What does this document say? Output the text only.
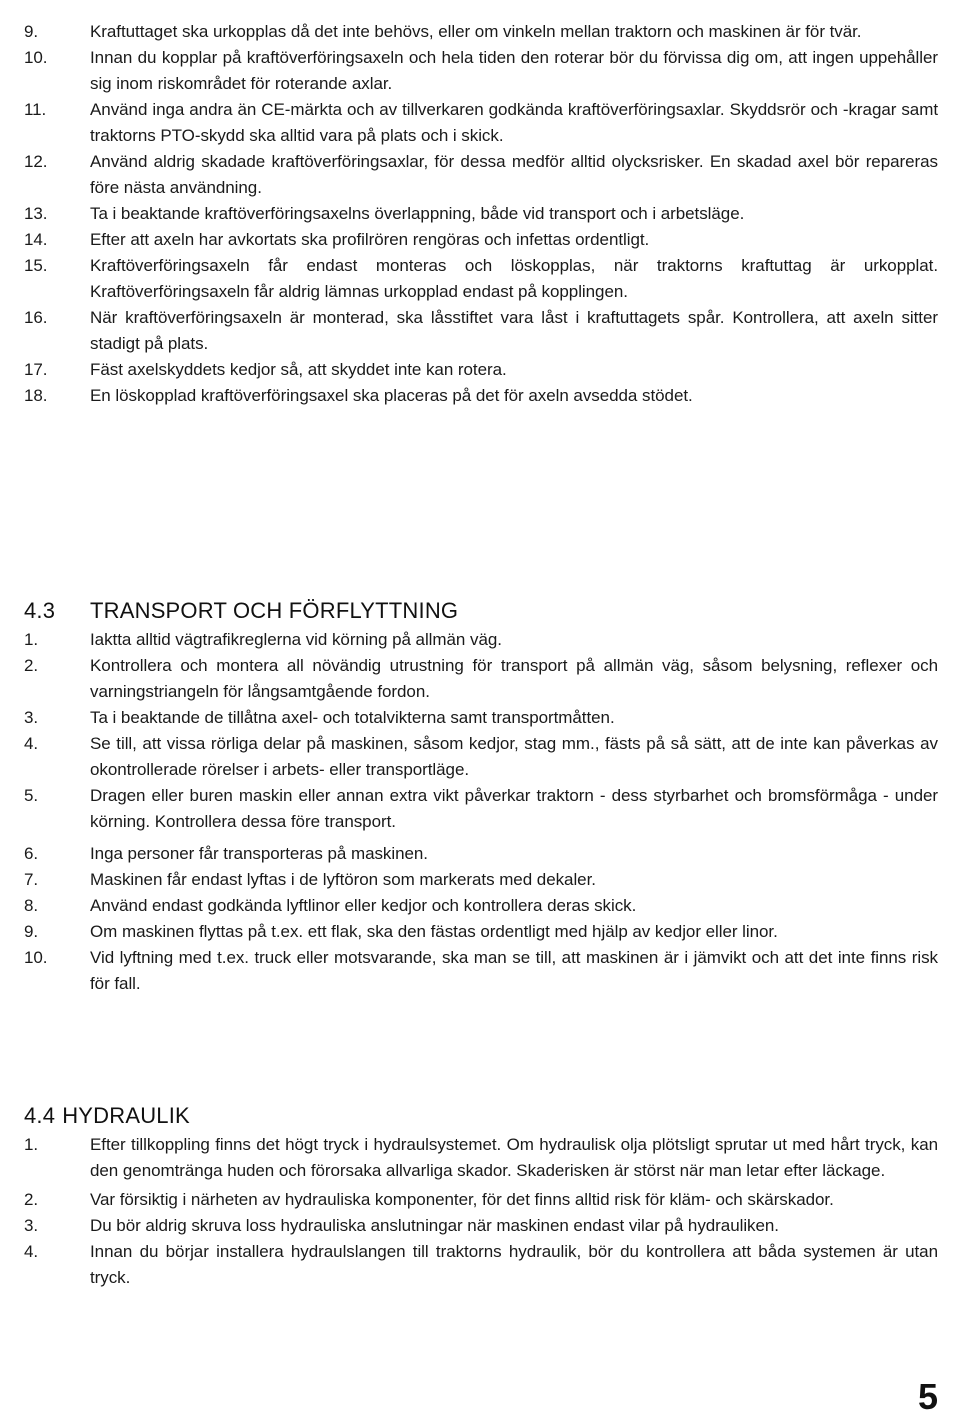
9.	Kraftuttaget ska urkopplas då det inte behövs, eller om vinkeln mellan traktorn och maskinen är för tvär.
10.	Innan du kopplar på kraftöverföringsaxeln och hela tiden den roterar bör du förvissa dig om, att ingen uppehåller sig inom riskområdet för roterande axlar.
11.	Använd inga andra än CE-märkta och av tillverkaren godkända kraftöverföringsaxlar. Skyddsrör och -kragar samt traktorns PTO-skydd ska alltid vara på plats och i skick.
12.	Använd aldrig skadade kraftöverföringsaxlar, för dessa medför alltid olycksrisker. En skadad axel bör repareras före nästa användning.
13.	Ta i beaktande kraftöverföringsaxelns överlappning, både vid transport och i arbetsläge.
14.	Efter att axeln har avkortats ska profilrören rengöras och infettas ordentligt.
15.	Kraftöverföringsaxeln får endast monteras och löskopplas, när traktorns kraftuttag är urkopplat. Kraftöverföringsaxeln får aldrig lämnas urkopplad endast på kopplingen.
16.	När kraftöverföringsaxeln är monterad, ska låsstiftet vara låst i kraftuttagets spår. Kontrollera, att axeln sitter stadigt på plats.
17.	Fäst axelskyddets kedjor så, att skyddet inte kan rotera.
18.	En löskopplad kraftöverföringsaxel ska placeras på det för axeln avsedda stödet.
4.3 TRANSPORT OCH FÖRFLYTTNING
1.	Iaktta alltid vägtrafikreglerna vid körning på allmän väg.
2.	Kontrollera och montera all növändig utrustning för transport på allmän väg, såsom belysning, reflexer och varningstriangeln för långsamtgående fordon.
3.	Ta i beaktande de tillåtna axel- och totalvikterna samt transportmåtten.
4.	Se till, att vissa rörliga delar på maskinen, såsom kedjor, stag mm., fästs på så sätt, att de inte kan påverkas av okontrollerade rörelser i arbets- eller transportläge.
5.	Dragen eller buren maskin eller annan extra vikt påverkar traktorn - dess styrbarhet och bromsförmåga - under körning. Kontrollera dessa före transport.
6.	Inga personer får transporteras på maskinen.
7.	Maskinen får endast lyftas i de lyftöron som markerats med dekaler.
8.	Använd endast godkända lyftlinor eller kedjor och kontrollera deras skick.
9.	Om maskinen flyttas på t.ex. ett flak, ska den fästas ordentligt med hjälp av kedjor eller linor.
10.	Vid lyftning med t.ex. truck eller motsvarande, ska man se till, att maskinen är i jämvikt och att det inte finns risk för fall.
4.4 HYDRAULIK
1.	Efter tillkoppling finns det högt tryck i hydraulsystemet. Om hydraulisk olja plötsligt sprutar ut med hårt tryck, kan den genomtränga huden och förorsaka allvarliga skador. Skaderisken är störst när man letar efter läckage.
2.	Var försiktig i närheten av hydrauliska komponenter, för det finns alltid risk för kläm- och skärskador.
3.	Du bör aldrig skruva loss hydrauliska anslutningar när maskinen endast vilar på hydrauliken.
4.	Innan du börjar installera hydraulslangen till traktorns hydraulik, bör du kontrollera att båda systemen är utan tryck.
5
